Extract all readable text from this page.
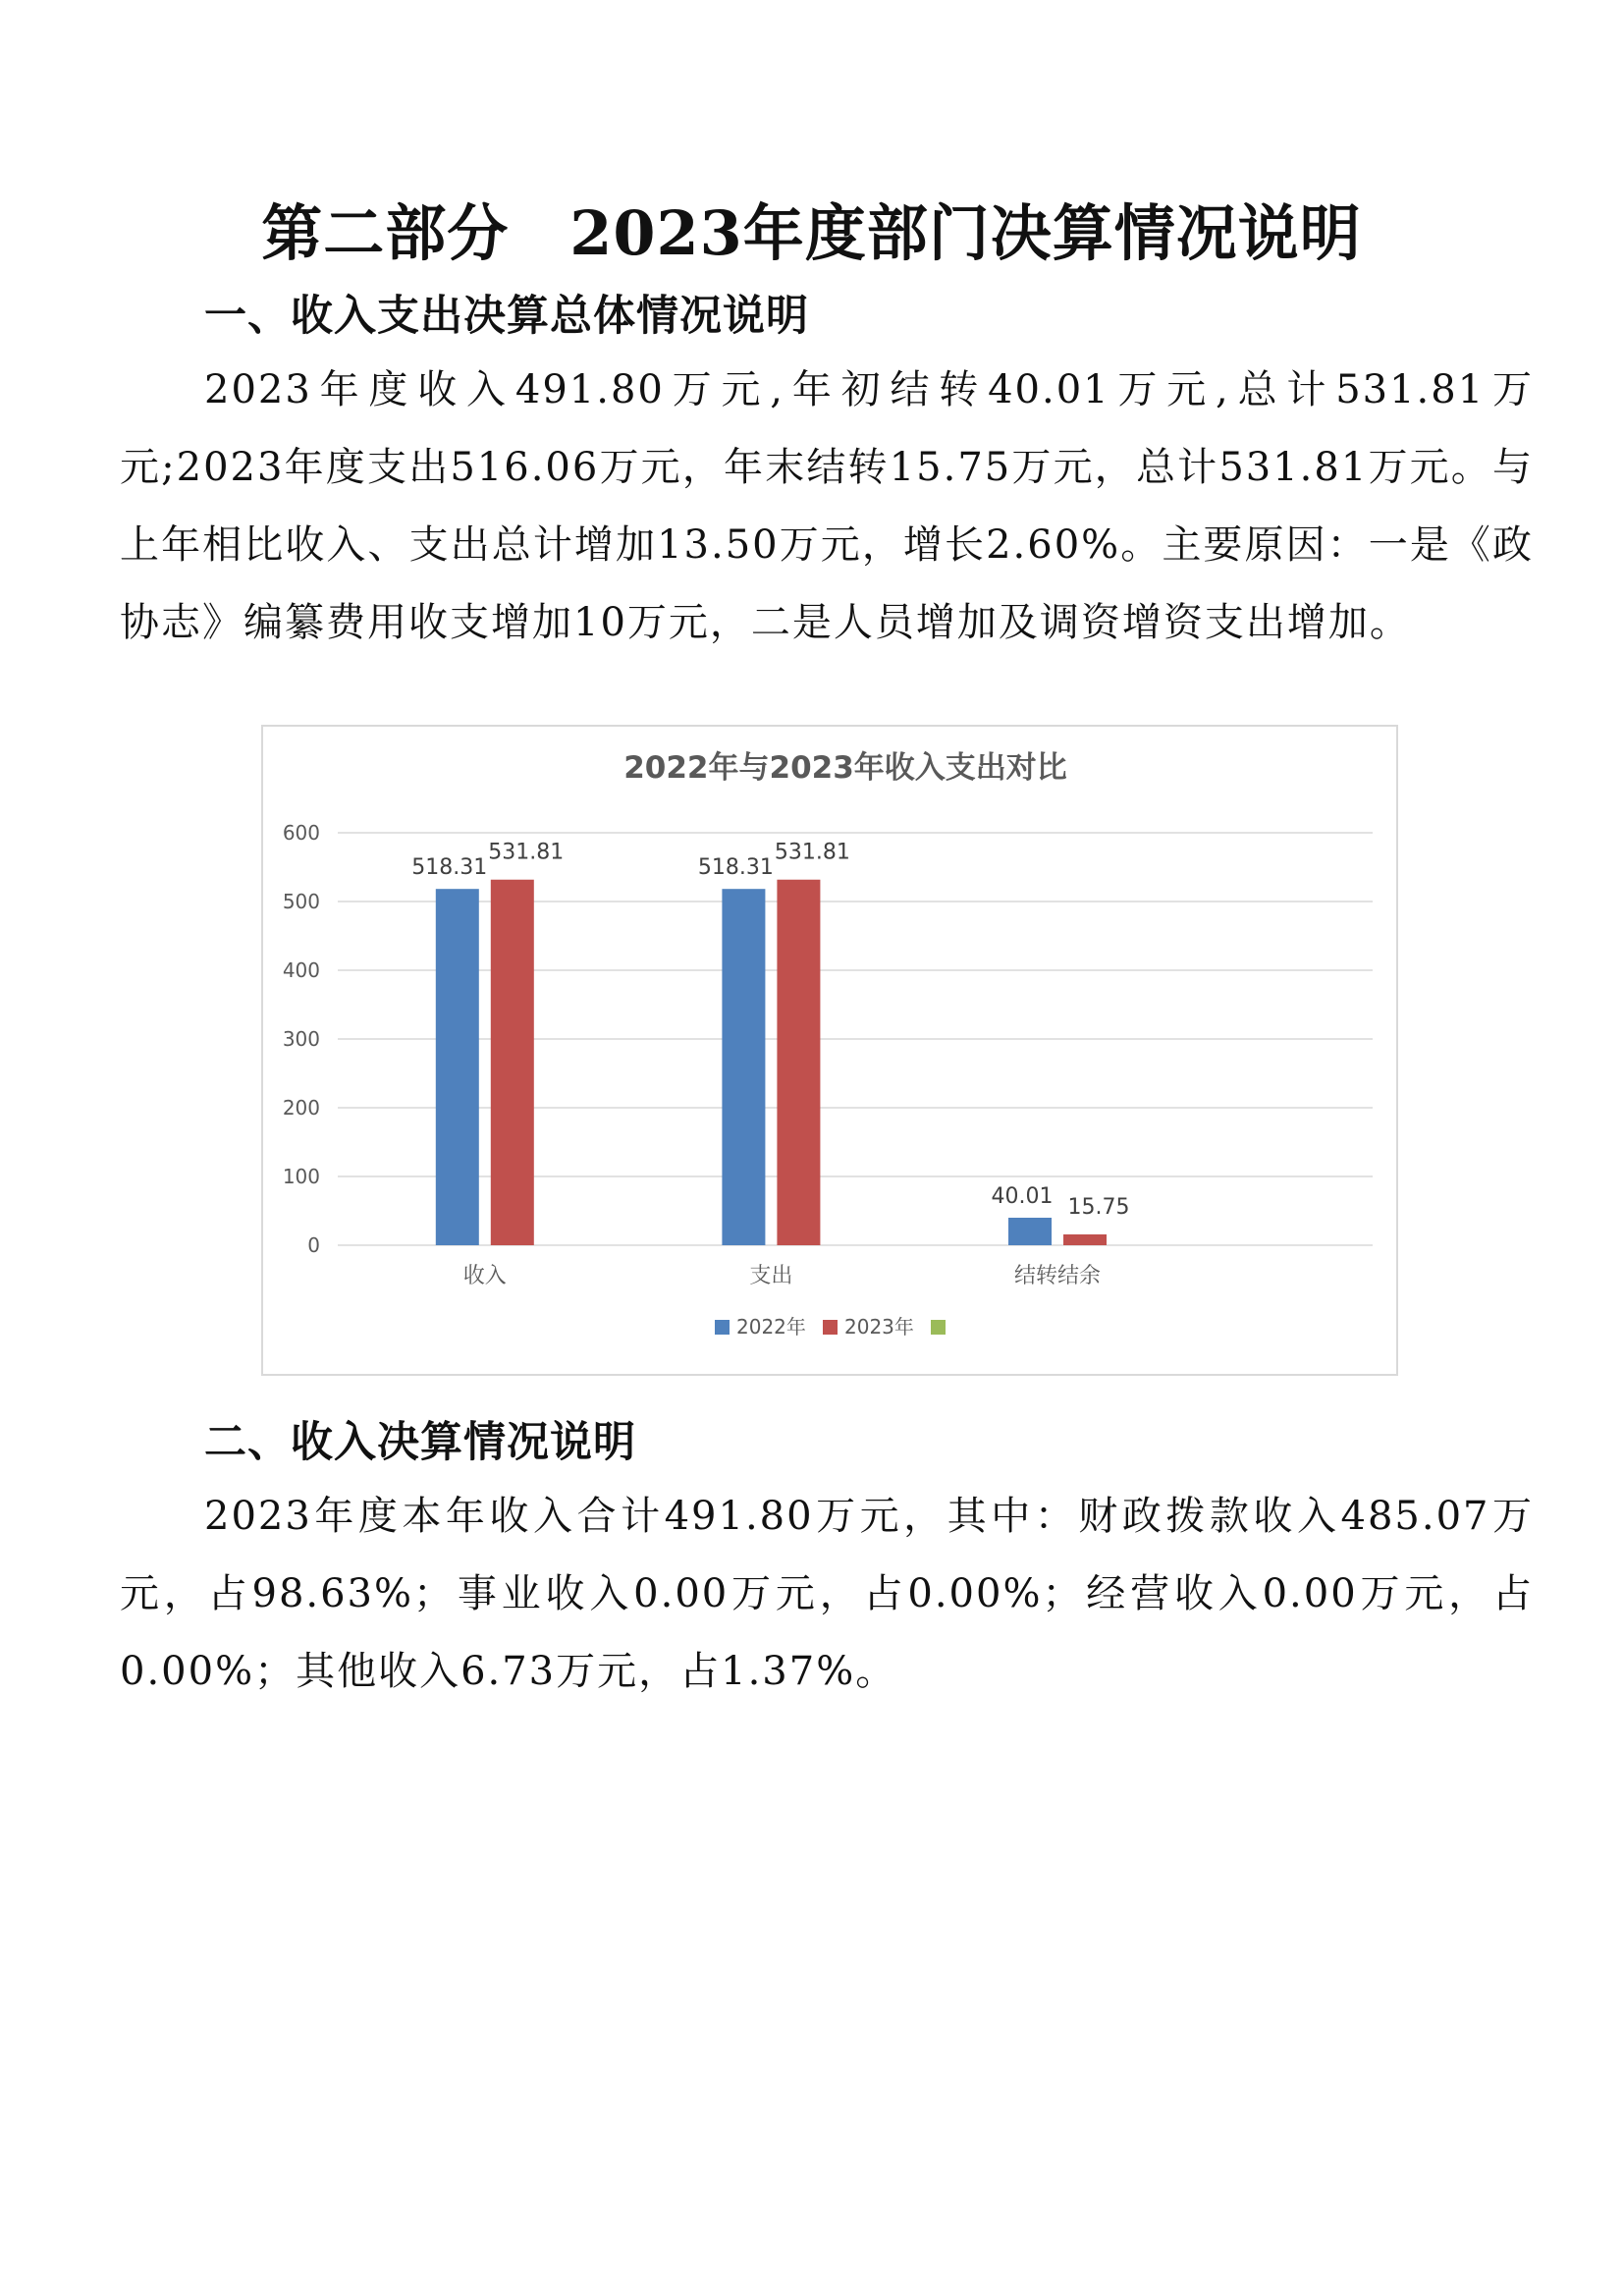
第二部分 2023年度部门决算情况说明
一、收入支出决算总体情况说明

2023年度收入491.80万元,年初结转40.01万元,总计531.81万元;2023年度支出516.06万元，年末结转15.75万元，总计531.81万元。与上年相比收入、支出总计增加13.50万元，增长2.60%。主要原因：一是《政协志》编纂费用收支增加10万元，二是人员增加及调资增资支出增加。

2022年与2023年收入支出对比
0
100
200
300
400
500
600
518.31
531.81
收入
518.31
531.81
支出
40.01 15.75
结转结余
2022年 2023年
二、收入决算情况说明

2023年度本年收入合计491.80万元，其中：财政拨款收入485.07万元，占98.63%；事业收入0.00万元，占0.00%；经营收入0.00万元，占0.00%；其他收入6.73万元，占1.37%。
